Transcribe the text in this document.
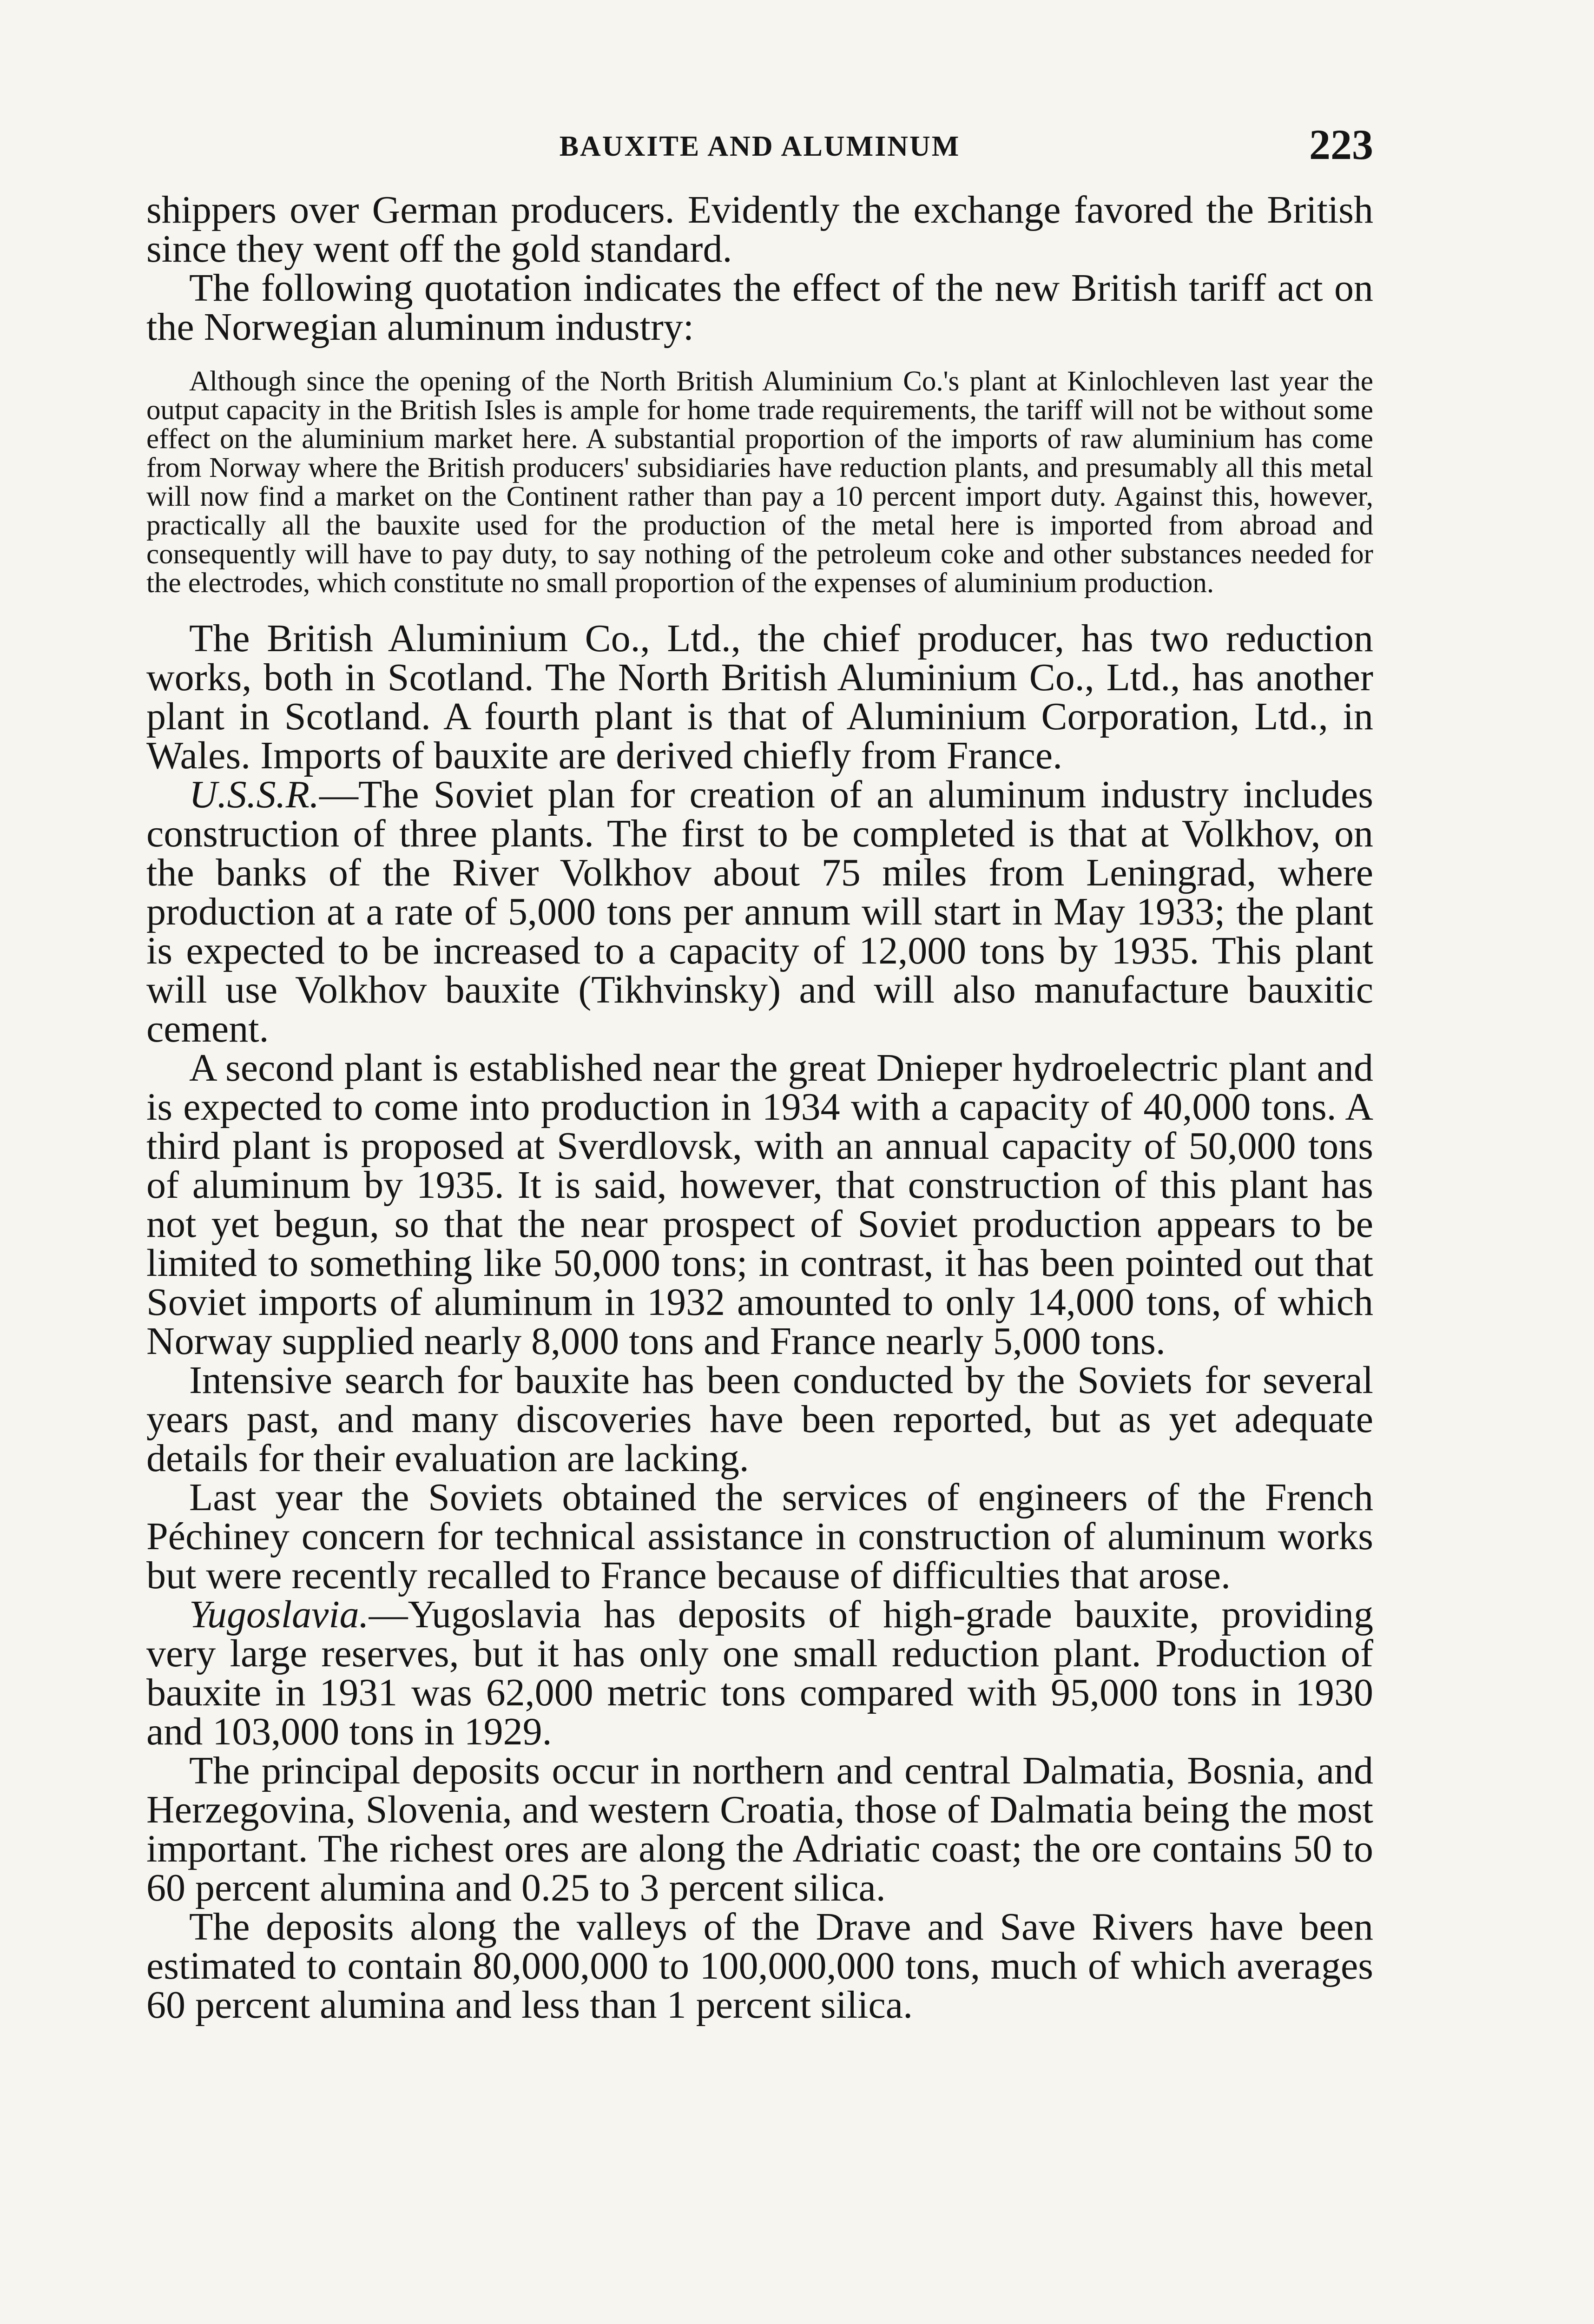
BAUXITE AND ALUMINUM	223

shippers over German producers. Evidently the exchange favored the British since they went off the gold standard.

The following quotation indicates the effect of the new British tariff act on the Norwegian aluminum industry:

Although since the opening of the North British Aluminium Co.'s plant at Kinlochleven last year the output capacity in the British Isles is ample for home trade requirements, the tariff will not be without some effect on the aluminium market here. A substantial proportion of the imports of raw aluminium has come from Norway where the British producers' subsidiaries have reduction plants, and presumably all this metal will now find a market on the Continent rather than pay a 10 percent import duty. Against this, however, practically all the bauxite used for the production of the metal here is imported from abroad and consequently will have to pay duty, to say nothing of the petroleum coke and other substances needed for the electrodes, which constitute no small proportion of the expenses of aluminium production.

The British Aluminium Co., Ltd., the chief producer, has two reduction works, both in Scotland. The North British Aluminium Co., Ltd., has another plant in Scotland. A fourth plant is that of Aluminium Corporation, Ltd., in Wales. Imports of bauxite are derived chiefly from France.

U.S.S.R.—The Soviet plan for creation of an aluminum industry includes construction of three plants. The first to be completed is that at Volkhov, on the banks of the River Volkhov about 75 miles from Leningrad, where production at a rate of 5,000 tons per annum will start in May 1933; the plant is expected to be increased to a capacity of 12,000 tons by 1935. This plant will use Volkhov bauxite (Tikhvinsky) and will also manufacture bauxitic cement.

A second plant is established near the great Dnieper hydroelectric plant and is expected to come into production in 1934 with a capacity of 40,000 tons. A third plant is proposed at Sverdlovsk, with an annual capacity of 50,000 tons of aluminum by 1935. It is said, however, that construction of this plant has not yet begun, so that the near prospect of Soviet production appears to be limited to something like 50,000 tons; in contrast, it has been pointed out that Soviet imports of aluminum in 1932 amounted to only 14,000 tons, of which Norway supplied nearly 8,000 tons and France nearly 5,000 tons.

Intensive search for bauxite has been conducted by the Soviets for several years past, and many discoveries have been reported, but as yet adequate details for their evaluation are lacking.

Last year the Soviets obtained the services of engineers of the French Péchiney concern for technical assistance in construction of aluminum works but were recently recalled to France because of difficulties that arose.

Yugoslavia.—Yugoslavia has deposits of high-grade bauxite, providing very large reserves, but it has only one small reduction plant. Production of bauxite in 1931 was 62,000 metric tons compared with 95,000 tons in 1930 and 103,000 tons in 1929.

The principal deposits occur in northern and central Dalmatia, Bosnia, and Herzegovina, Slovenia, and western Croatia, those of Dalmatia being the most important. The richest ores are along the Adriatic coast; the ore contains 50 to 60 percent alumina and 0.25 to 3 percent silica.

The deposits along the valleys of the Drave and Save Rivers have been estimated to contain 80,000,000 to 100,000,000 tons, much of which averages 60 percent alumina and less than 1 percent silica.
